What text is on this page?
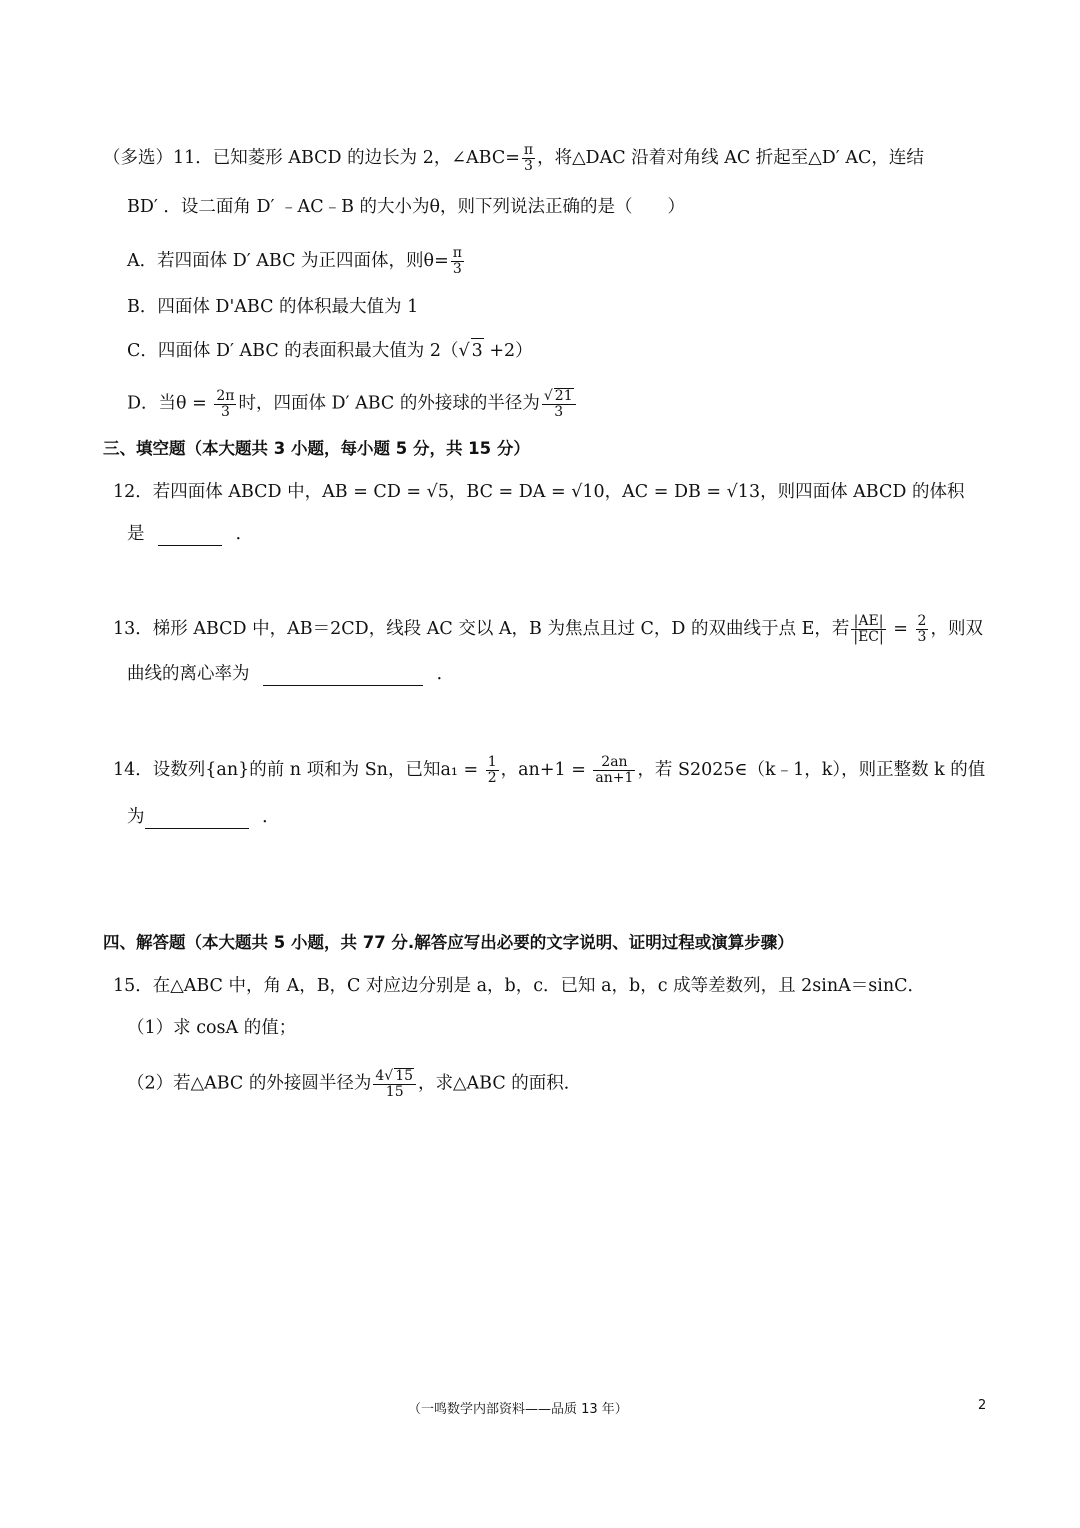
（多选）11．已知菱形 ABCD 的边长为 2，∠ABC= $\frac{\pi}{3}$ ，将△DAC 沿着对角线 AC 折起至△D′ AC，连结
BD′ ．设二面角 D′ ﹣AC﹣B 的大小为θ，则下列说法正确的是（　　）
A．若四面体 D′ ABC 为正四面体，则$\theta= \frac{\pi}{3}$
B．四面体 D'ABC 的体积最大值为 1
C．四面体 D′ ABC 的表面积最大值为 2（√ 3 +2）
D．当$\theta = \frac{2\pi}{3}$ 时，四面体 D′ ABC 的外接球的半径为 $\frac{√ 21}{3}$
三、填空题（本大题共 3 小题，每小题 5 分，共 15 分）
12．若四面体 ABCD 中，AB = CD = √5，BC = DA = √10，AC = DB = √13，则四面体 ABCD 的体积
是	．
13．梯形 ABCD 中，AB＝2CD，线段 AC 交以 A，B 为焦点且过 C，D 的双曲线于点 E，若 $\frac{|AE|}{|EC|} = \frac{2}{3}$ ，则双
曲线的离心率为	．
14．设数列{an}的前 n 项和为 Sn，已知$a_1 = \frac{1}{2}$ ，$an+1 = \frac{2an}{an+1}$ ，若 S2025∈（k﹣1，k），则正整数 k 的值
为	．
四、解答题（本大题共 5 小题，共 77 分.解答应写出必要的文字说明、证明过程或演算步骤）
15．在△ABC 中，角 A，B，C 对应边分别是 a，b，c．已知 a，b，c 成等差数列，且 2sinA＝sinC．
（1）求 cosA 的值；
（2）若△ABC 的外接圆半径为 $\frac{4√ 15}{15}$ ，求△ABC 的面积．
（一鸣数学内部资料——品质 13 年）	2
